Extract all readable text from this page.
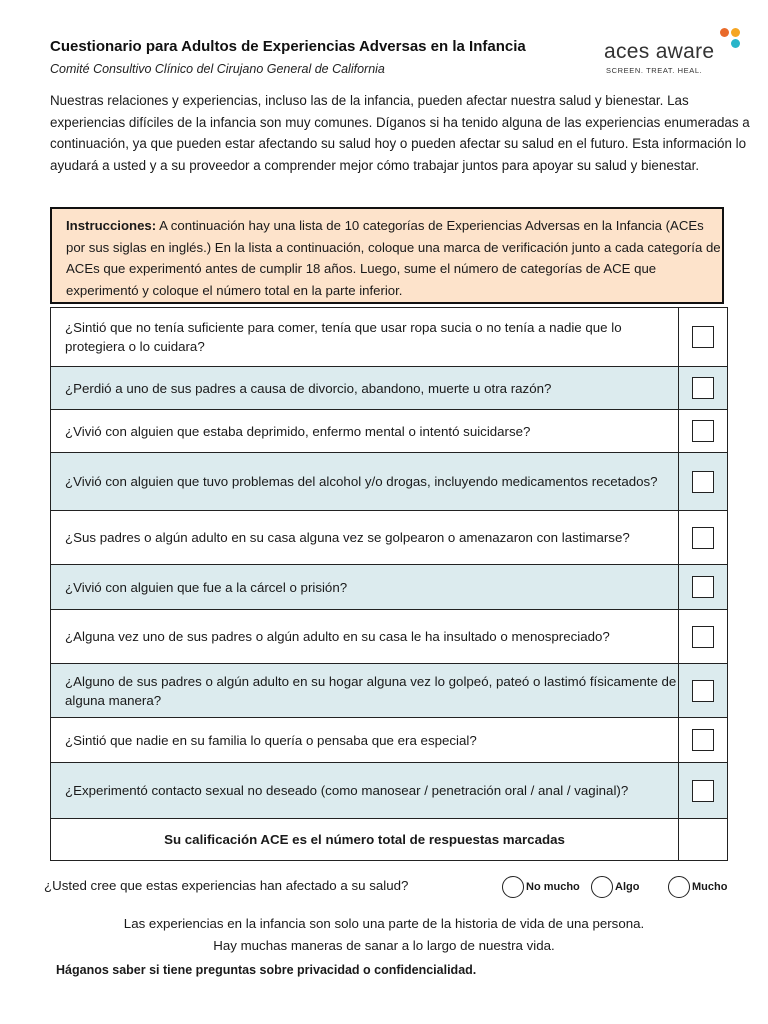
Cuestionario para Adultos de Experiencias Adversas en la Infancia
Comité Consultivo Clínico del Cirujano General de California
aces aware
SCREEN. TREAT. HEAL.
Nuestras relaciones y experiencias, incluso las de la infancia, pueden afectar nuestra salud y bienestar. Las experiencias difíciles de la infancia son muy comunes. Díganos si ha tenido alguna de las experiencias enumeradas a continuación, ya que pueden estar afectando su salud hoy o pueden afectar su salud en el futuro. Esta información lo ayudará a usted y a su proveedor a comprender mejor cómo trabajar juntos para apoyar su salud y bienestar.
Instrucciones: A continuación hay una lista de 10 categorías de Experiencias Adversas en la Infancia (ACEs por sus siglas en inglés.) En la lista a continuación, coloque una marca de verificación junto a cada categoría de ACEs que experimentó antes de cumplir 18 años. Luego, sume el número de categorías de ACE que experimentó y coloque el número total en la parte inferior.
¿Sintió que no tenía suficiente para comer, tenía que usar ropa sucia o no tenía a nadie que lo protegiera o lo cuidara?	
¿Perdió a uno de sus padres a causa de divorcio, abandono, muerte u otra razón?	
¿Vivió con alguien que estaba deprimido, enfermo mental o intentó suicidarse?	
¿Vivió con alguien que tuvo problemas del alcohol y/o drogas, incluyendo medicamentos recetados?	
¿Sus padres o algún adulto en su casa alguna vez se golpearon o amenazaron con lastimarse?	
¿Vivió con alguien que fue a la cárcel o prisión?	
¿Alguna vez uno de sus padres o algún adulto en su casa le ha insultado o menospreciado?	
¿Alguno de sus padres o algún adulto en su hogar alguna vez lo golpeó, pateó o lastimó físicamente de alguna manera?	
¿Sintió que nadie en su familia lo quería o pensaba que era especial?	
¿Experimentó contacto sexual no deseado (como manosear / penetración oral / anal / vaginal)?	
Su calificación ACE es el número total de respuestas marcadas	
¿Usted cree que estas experiencias han afectado a su salud?	No mucho	Algo	Mucho
Las experiencias en la infancia son solo una parte de la historia de vida de una persona.
Hay muchas maneras de sanar a lo largo de nuestra vida.
Háganos saber si tiene preguntas sobre privacidad o confidencialidad.
